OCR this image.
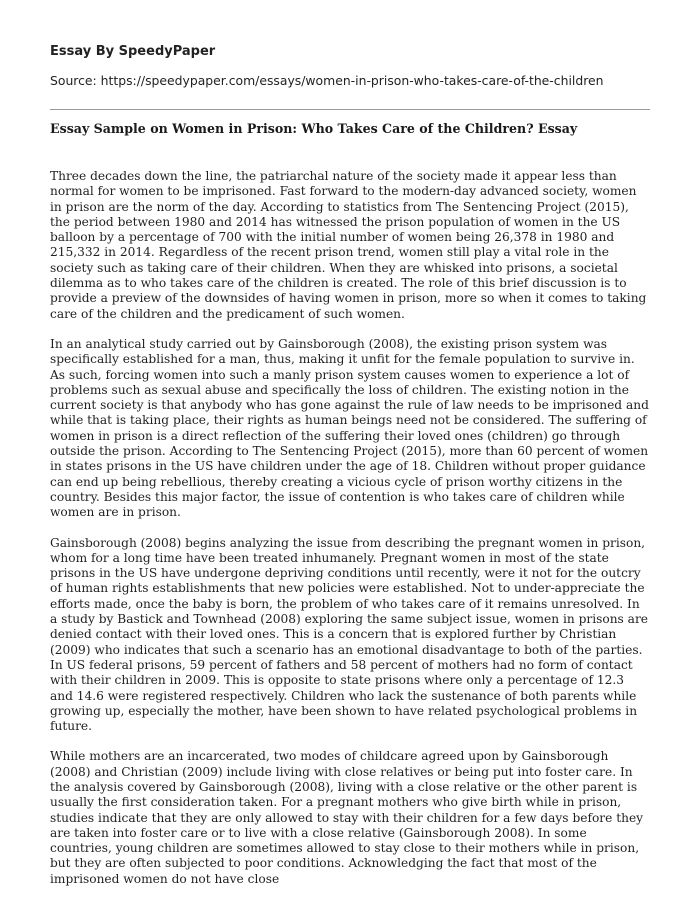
Essay By SpeedyPaper
Source: https://speedypaper.com/essays/women-in-prison-who-takes-care-of-the-children
Essay Sample on Women in Prison: Who Takes Care of the Children? Essay

Three decades down the line, the patriarchal nature of the society made it appear less than normal for women to be imprisoned. Fast forward to the modern-day advanced society, women in prison are the norm of the day. According to statistics from The Sentencing Project (2015), the period between 1980 and 2014 has witnessed the prison population of women in the US balloon by a percentage of 700 with the initial number of women being 26,378 in 1980 and 215,332 in 2014. Regardless of the recent prison trend, women still play a vital role in the society such as taking care of their children. When they are whisked into prisons, a societal dilemma as to who takes care of the children is created. The role of this brief discussion is to provide a preview of the downsides of having women in prison, more so when it comes to taking care of the children and the predicament of such women.

In an analytical study carried out by Gainsborough (2008), the existing prison system was specifically established for a man, thus, making it unfit for the female population to survive in. As such, forcing women into such a manly prison system causes women to experience a lot of problems such as sexual abuse and specifically the loss of children. The existing notion in the current society is that anybody who has gone against the rule of law needs to be imprisoned and while that is taking place, their rights as human beings need not be considered. The suffering of women in prison is a direct reflection of the suffering their loved ones (children) go through outside the prison. According to The Sentencing Project (2015), more than 60 percent of women in states prisons in the US have children under the age of 18. Children without proper guidance can end up being rebellious, thereby creating a vicious cycle of prison worthy citizens in the country. Besides this major factor, the issue of contention is who takes care of children while women are in prison.

Gainsborough (2008) begins analyzing the issue from describing the pregnant women in prison, whom for a long time have been treated inhumanely. Pregnant women in most of the state prisons in the US have undergone depriving conditions until recently, were it not for the outcry of human rights establishments that new policies were established. Not to under-appreciate the efforts made, once the baby is born, the problem of who takes care of it remains unresolved. In a study by Bastick and Townhead (2008) exploring the same subject issue, women in prisons are denied contact with their loved ones. This is a concern that is explored further by Christian (2009) who indicates that such a scenario has an emotional disadvantage to both of the parties. In US federal prisons, 59 percent of fathers and 58 percent of mothers had no form of contact with their children in 2009. This is opposite to state prisons where only a percentage of 12.3 and 14.6 were registered respectively. Children who lack the sustenance of both parents while growing up, especially the mother, have been shown to have related psychological problems in future.

While mothers are an incarcerated, two modes of childcare agreed upon by Gainsborough (2008) and Christian (2009) include living with close relatives or being put into foster care. In the analysis covered by Gainsborough (2008), living with a close relative or the other parent is usually the first consideration taken. For a pregnant mothers who give birth while in prison, studies indicate that they are only allowed to stay with their children for a few days before they are taken into foster care or to live with a close relative (Gainsborough 2008). In some countries, young children are sometimes allowed to stay close to their mothers while in prison, but they are often subjected to poor conditions. Acknowledging the fact that most of the imprisoned women do not have close
